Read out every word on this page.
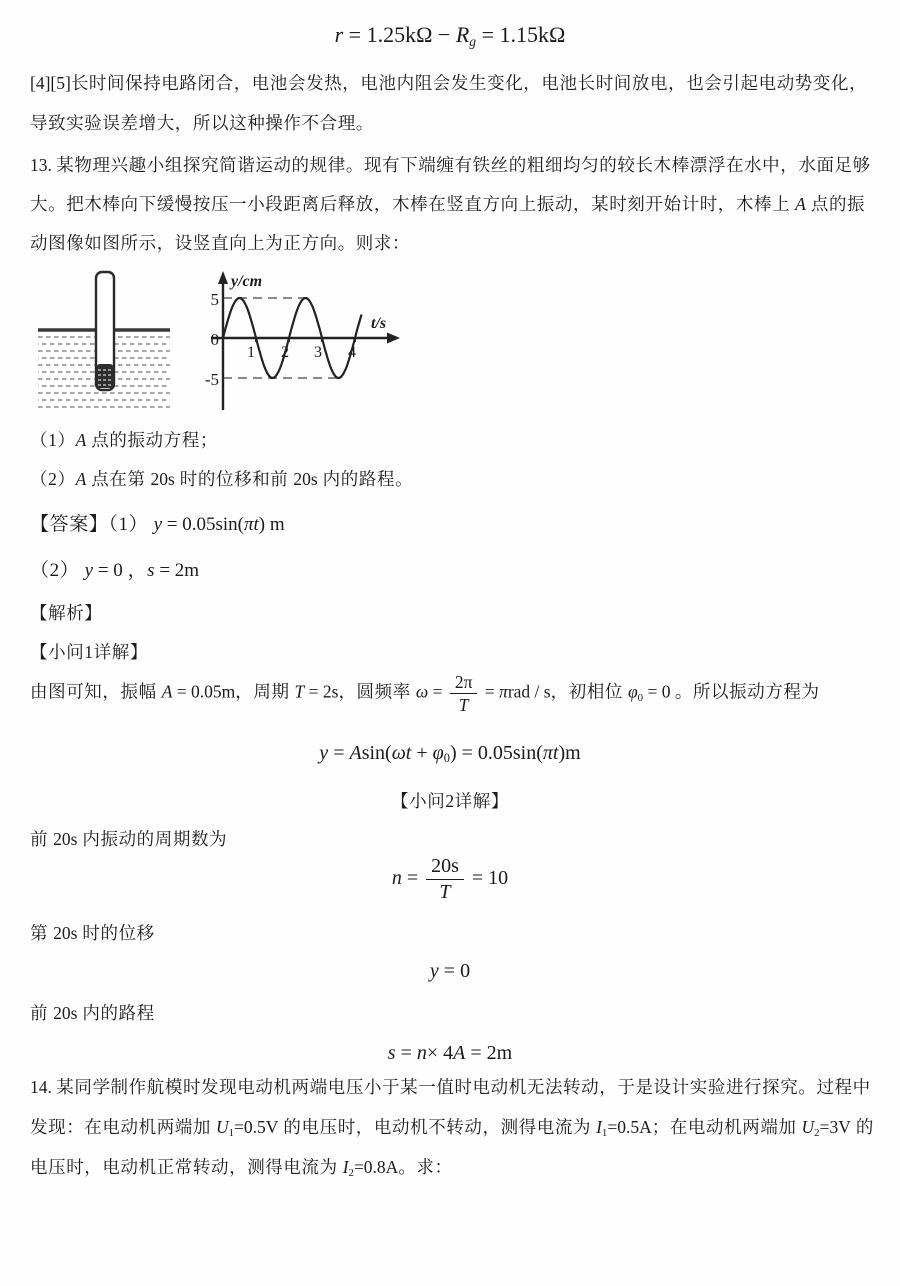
r = 1.25kΩ − Rg = 1.15kΩ
[4][5]长时间保持电路闭合，电池会发热，电池内阻会发生变化，电池长时间放电，也会引起电动势变化，
导致实验误差增大，所以这种操作不合理。
13. 某物理兴趣小组探究简谐运动的规律。现有下端缠有铁丝的粗细均匀的较长木棒漂浮在水中，水面足够
大。把木棒向下缓慢按压一小段距离后释放，木棒在竖直方向上振动，某时刻开始计时，木棒上 A 点的振
动图像如图所示，设竖直向上为正方向。则求：
（1）A 点的振动方程；
（2）A 点在第 20s 时的位移和前 20s 内的路程。
【答案】（1） y = 0.05sin(πt) m
（2） y = 0 ，s = 2m
【解析】
【小问1详解】
由图可知，振幅 A = 0.05m，周期 T = 2s，圆频率 $\omega = \frac{2\pi}{T} = \pi rad / s$，初相位 φ0 = 0 。所以振动方程为
y = Asin(ωt + φ0) = 0.05sin(πt)m
【小问2详解】
前 20s 内振动的周期数为
$n = \frac{20s}{T} = 10$
第 20s 时的位移
y = 0
前 20s 内的路程
s = n× 4A = 2m
14. 某同学制作航模时发现电动机两端电压小于某一值时电动机无法转动，于是设计实验进行探究。过程中
发现：在电动机两端加 U1=0.5V 的电压时，电动机不转动，测得电流为 I1=0.5A；在电动机两端加 U2=3V 的
电压时，电动机正常转动，测得电流为 I2=0.8A。求：
y/cm
t/s
5
0
-5
1 2 3 4
